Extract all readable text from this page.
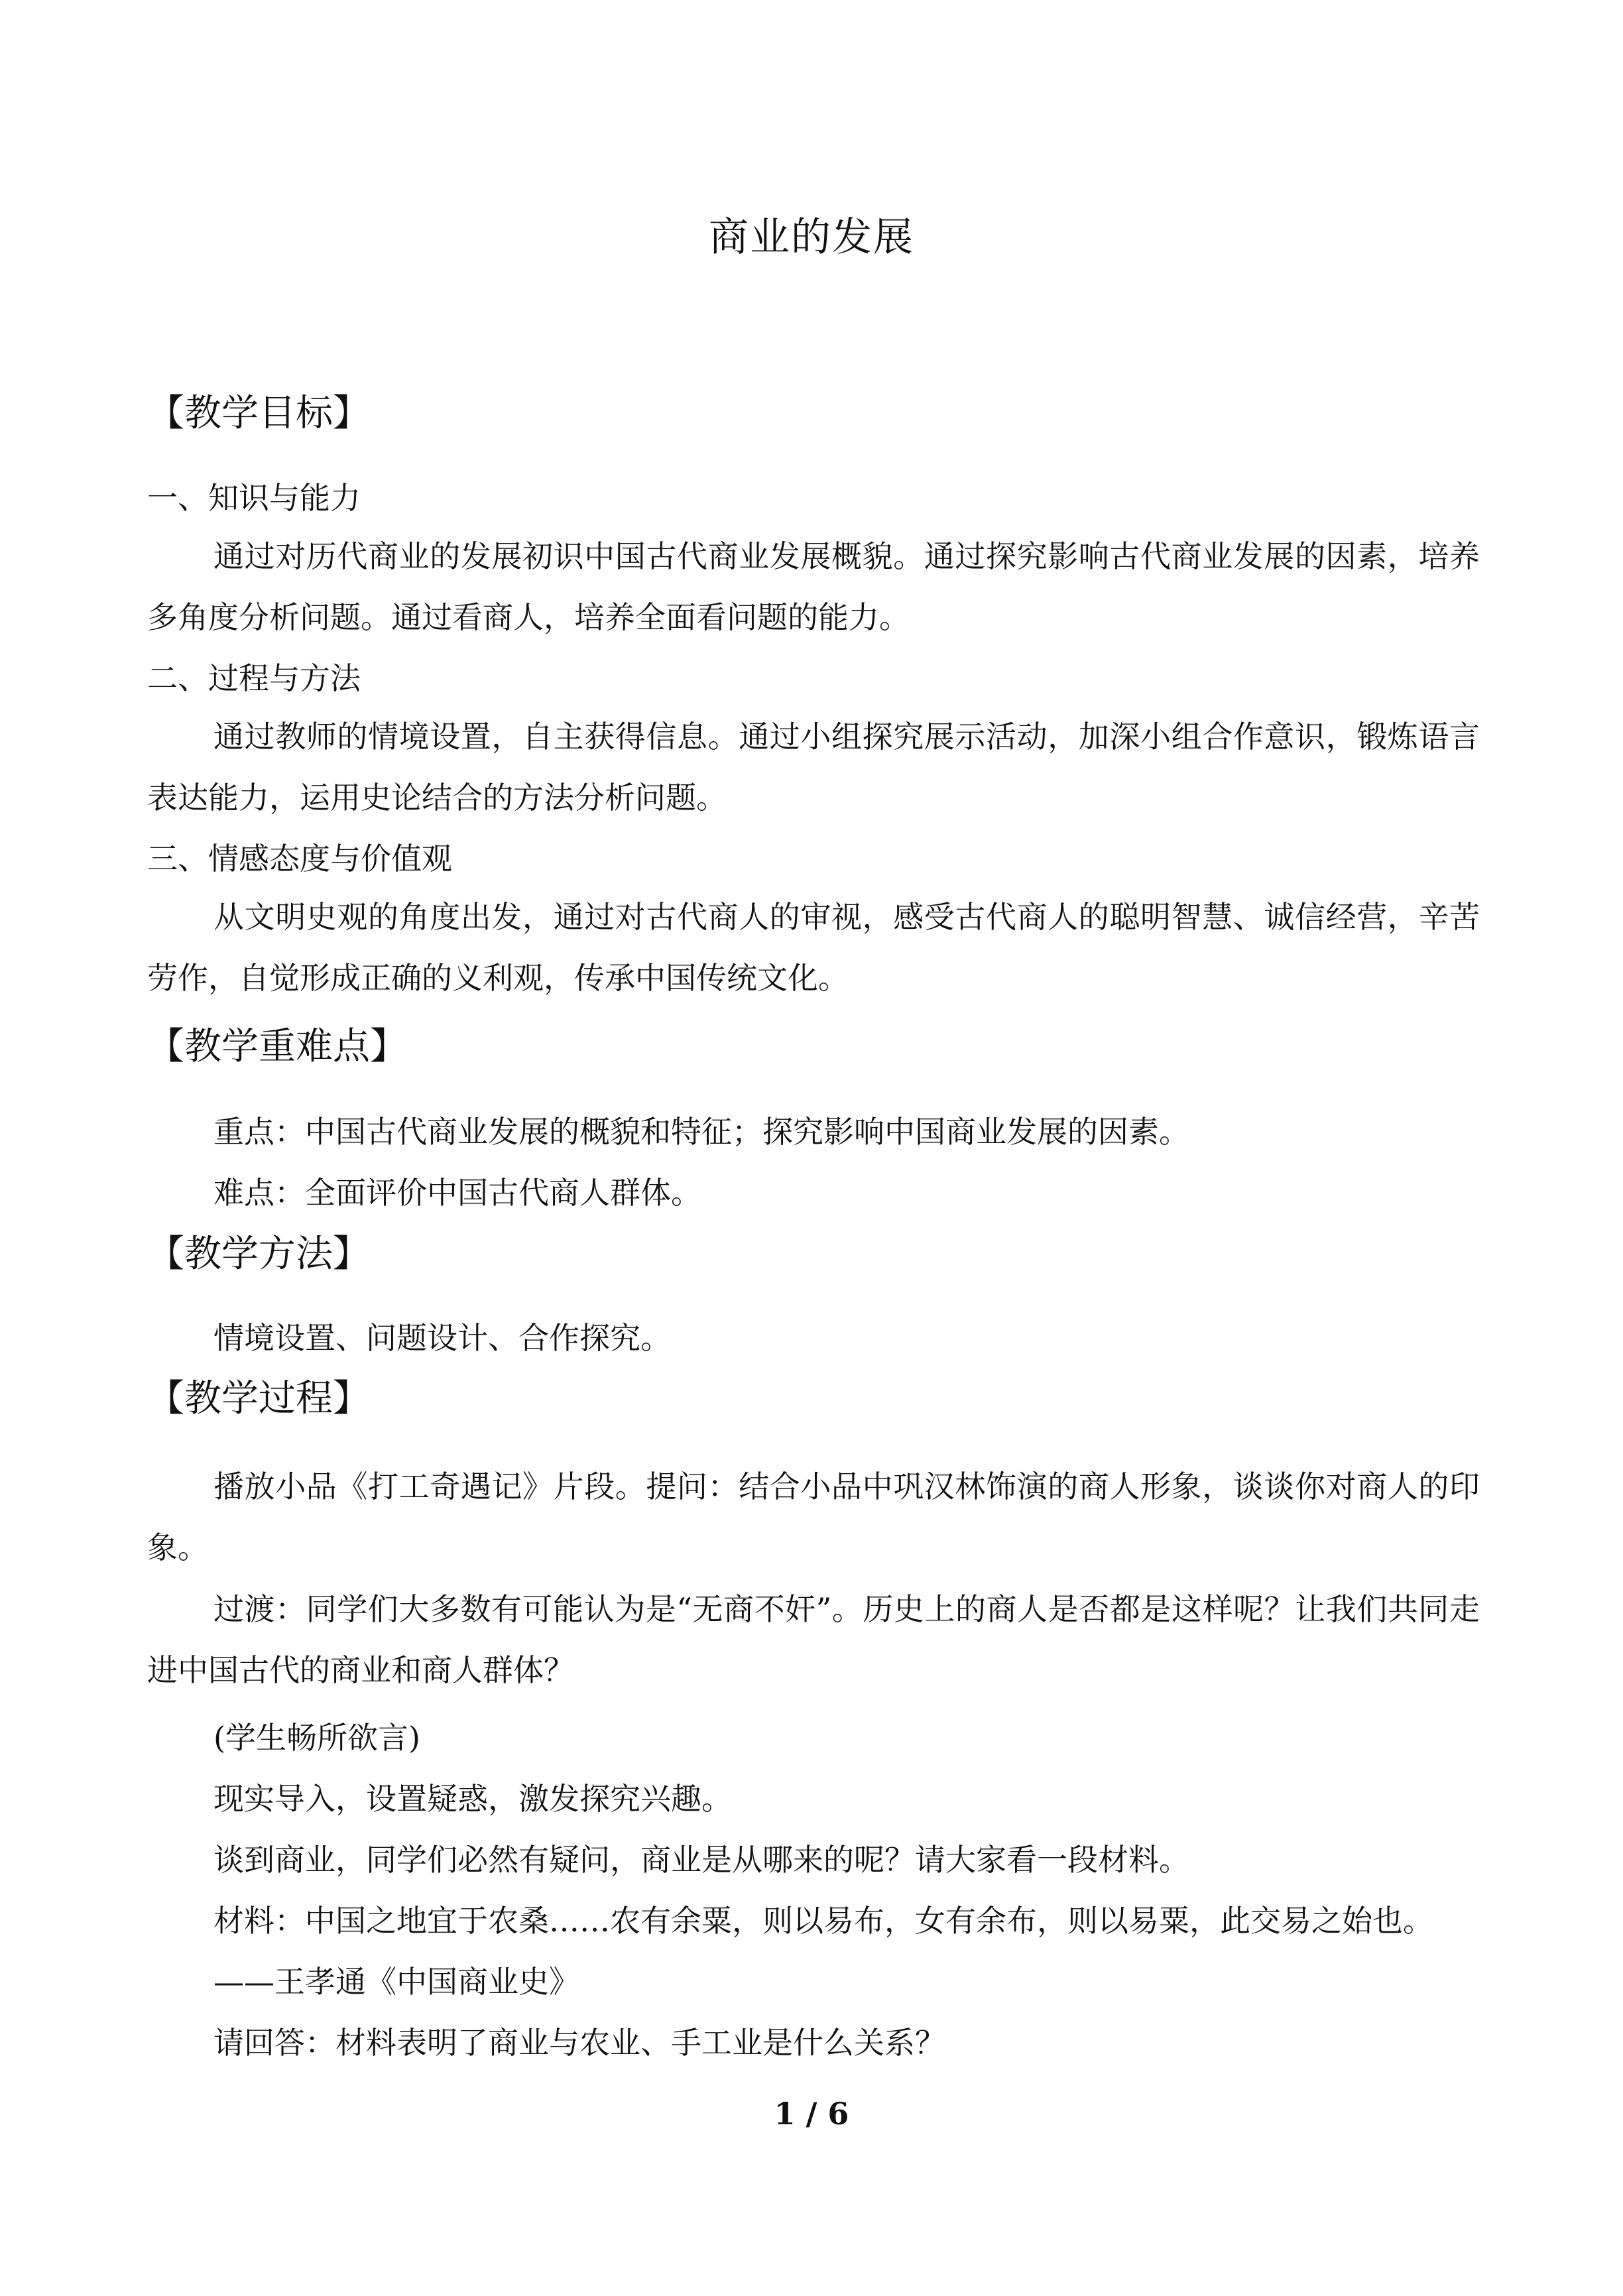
商业的发展
【教学目标】
一、知识与能力
通过对历代商业的发展初识中国古代商业发展概貌。通过探究影响古代商业发展的因素，培养多角度分析问题。通过看商人，培养全面看问题的能力。
二、过程与方法
通过教师的情境设置，自主获得信息。通过小组探究展示活动，加深小组合作意识，锻炼语言表达能力，运用史论结合的方法分析问题。
三、情感态度与价值观
从文明史观的角度出发，通过对古代商人的审视，感受古代商人的聪明智慧、诚信经营，辛苦劳作，自觉形成正确的义利观，传承中国传统文化。
【教学重难点】
重点：中国古代商业发展的概貌和特征；探究影响中国商业发展的因素。
难点：全面评价中国古代商人群体。
【教学方法】
情境设置、问题设计、合作探究。
【教学过程】
播放小品《打工奇遇记》片段。提问：结合小品中巩汉林饰演的商人形象，谈谈你对商人的印象。
过渡：同学们大多数有可能认为是“无商不奸”。历史上的商人是否都是这样呢？让我们共同走进中国古代的商业和商人群体？
(学生畅所欲言)
现实导入，设置疑惑，激发探究兴趣。
谈到商业，同学们必然有疑问，商业是从哪来的呢？请大家看一段材料。
材料：中国之地宜于农桑……农有余粟，则以易布，女有余布，则以易粟，此交易之始也。
——王孝通《中国商业史》
请回答：材料表明了商业与农业、手工业是什么关系？
1 / 6
